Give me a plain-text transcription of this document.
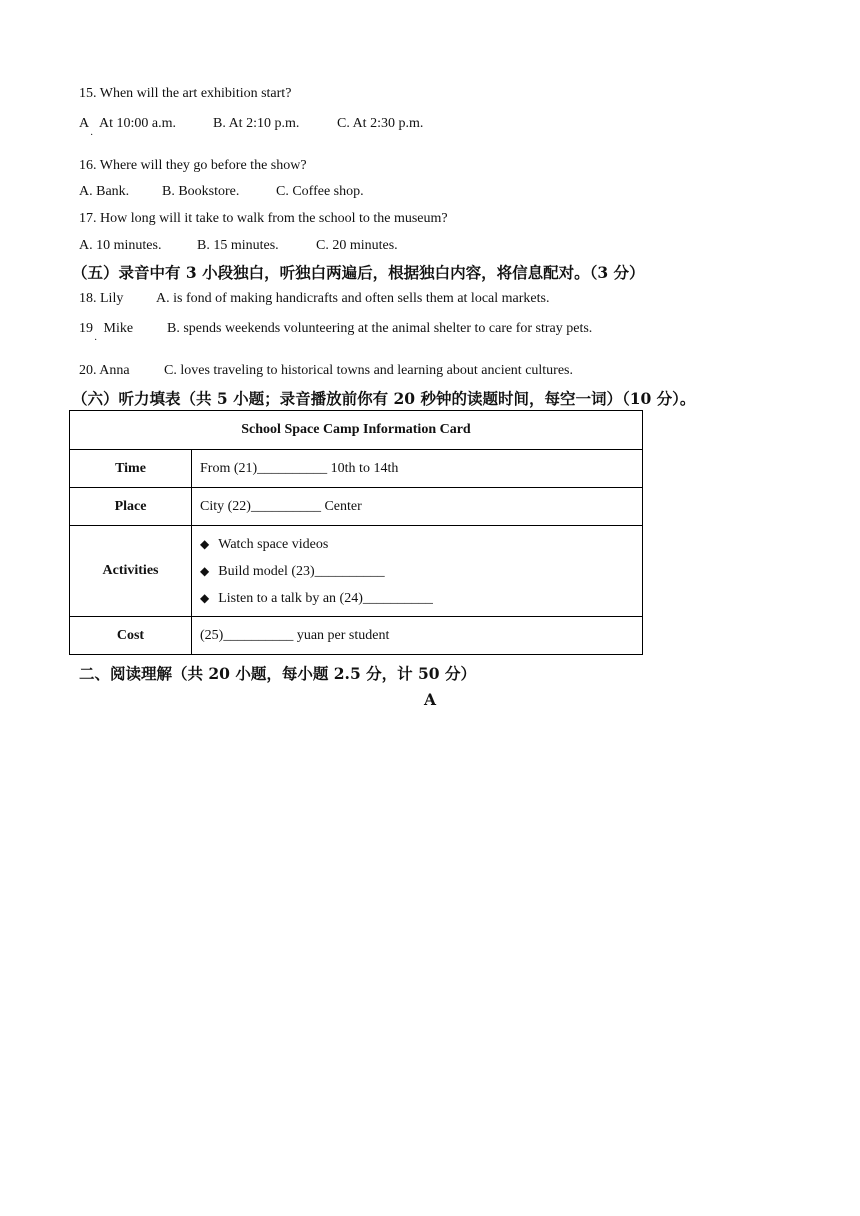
15. When will the art exhibition start?
A
·
At 10:00 a.m.	B. At 2:10 p.m.	C. At 2:30 p.m.
16. Where will they go before the show?
A. Bank. B. Bookstore.	C. Coffee shop.
17. How long will it take to walk from the school to the museum?
A. 10 minutes.	B. 15 minutes.	C. 20 minutes.
（五）录音中有 3 小段独白，听独白两遍后，根据独白内容，将信息配对。（3 分）
18. Lily A. is fond of making handicrafts and often sells them at local markets.
19   Mike
·
B. spends weekends volunteering at the animal shelter to care for stray pets.
20. Anna C. loves traveling to historical towns and learning about ancient cultures.
（六）听力填表（共 5 小题；录音播放前你有 20 秒钟的读题时间，每空一词）（10 分）。
School Space Camp Information Card	
Time	From (21)__________ 10th to 14th
Place	City (22)__________ Center
Activities	◆ Watch space videos
◆ Build model (23)__________
◆ Listen to a talk by an (24)__________

Cost	(25)__________ yuan per student
二、阅读理解（共 20 小题，每小题 2.5 分，计 50 分）
A
